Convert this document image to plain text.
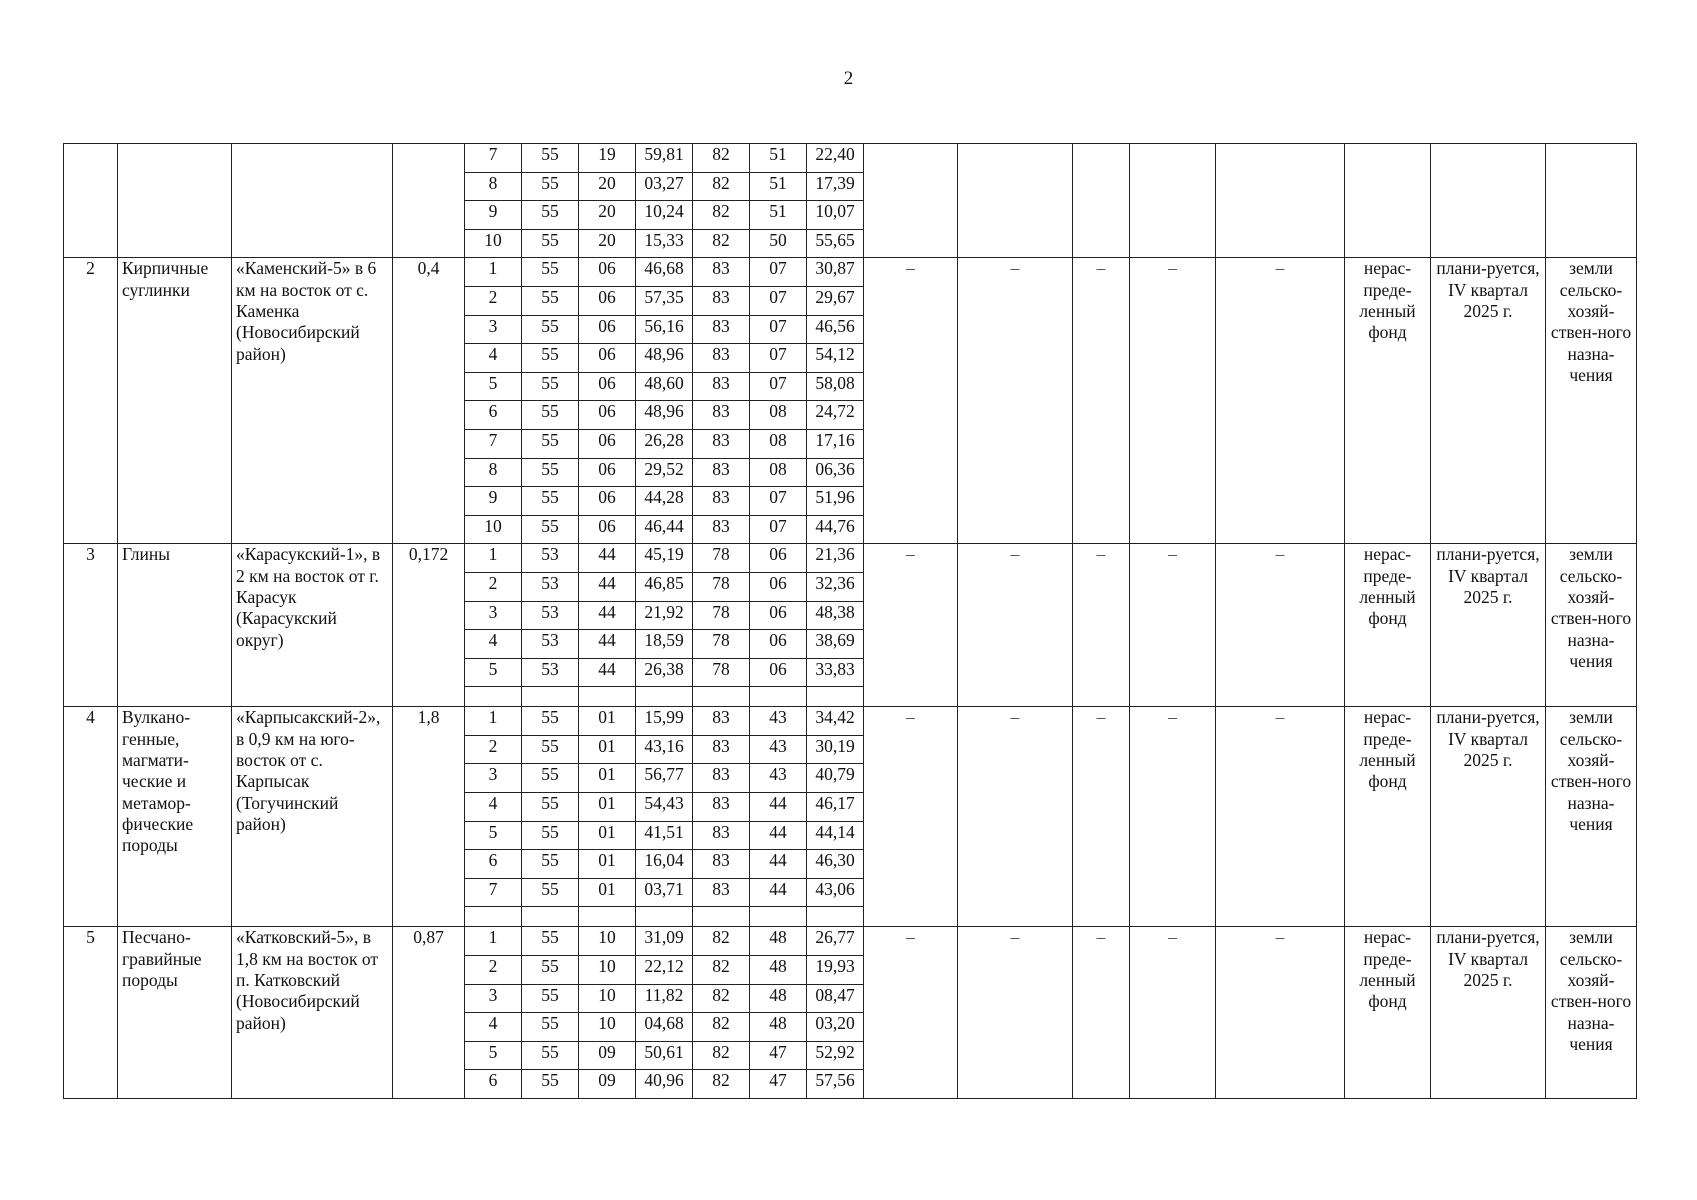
2
				7	55	19	59,81	82	51	22,40								
				8	55	20	03,27	82	51	17,39								
				9	55	20	10,24	82	51	10,07								
				10	55	20	15,33	82	50	55,65								
2	Кирпичные суглинки	«Каменский-5» в 6 км на восток от с. Каменка (Новосибирский район)	0,4	1	55	06	46,68	83	07	30,87	–	–	–	–	–	нерас-преде-ленный фонд	плани-руется, IV квартал 2025 г.	земли сельско-хозяй-ствен-ного назна-чения
				2	55	06	57,35	83	07	29,67								
				3	55	06	56,16	83	07	46,56								
				4	55	06	48,96	83	07	54,12								
				5	55	06	48,60	83	07	58,08								
				6	55	06	48,96	83	08	24,72								
				7	55	06	26,28	83	08	17,16								
				8	55	06	29,52	83	08	06,36								
				9	55	06	44,28	83	07	51,96								
				10	55	06	46,44	83	07	44,76								
3	Глины	«Карасукский-1», в 2 км на восток от г. Карасук (Карасукский округ)	0,172	1	53	44	45,19	78	06	21,36	–	–	–	–	–	нерас-преде-ленный фонд	плани-руется, IV квартал 2025 г.	земли сельско-хозяй-ствен-ного назна-чения
				2	53	44	46,85	78	06	32,36								
				3	53	44	21,92	78	06	48,38								
				4	53	44	18,59	78	06	38,69								
				5	53	44	26,38	78	06	33,83								

4	Вулкано-генные, магмати-ческие и метамор-фические породы	«Карпысакский-2», в 0,9 км на юго-восток от с. Карпысак (Тогучинский район)	1,8	1	55	01	15,99	83	43	34,42	–	–	–	–	–	нерас-преде-ленный фонд	плани-руется, IV квартал 2025 г.	земли сельско-хозяй-ствен-ного назна-чения
				2	55	01	43,16	83	43	30,19								
				3	55	01	56,77	83	43	40,79								
				4	55	01	54,43	83	44	46,17								
				5	55	01	41,51	83	44	44,14								
				6	55	01	16,04	83	44	46,30								
				7	55	01	03,71	83	44	43,06								

5	Песчано-гравийные породы	«Катковский-5», в 1,8 км на восток от п. Катковский (Новосибирский район)	0,87	1	55	10	31,09	82	48	26,77	–	–	–	–	–	нерас-преде-ленный фонд	плани-руется, IV квартал 2025 г.	земли сельско-хозяй-ствен-ного назна-чения
				2	55	10	22,12	82	48	19,93								
				3	55	10	11,82	82	48	08,47								
				4	55	10	04,68	82	48	03,20								
				5	55	09	50,61	82	47	52,92								
				6	55	09	40,96	82	47	57,56								
